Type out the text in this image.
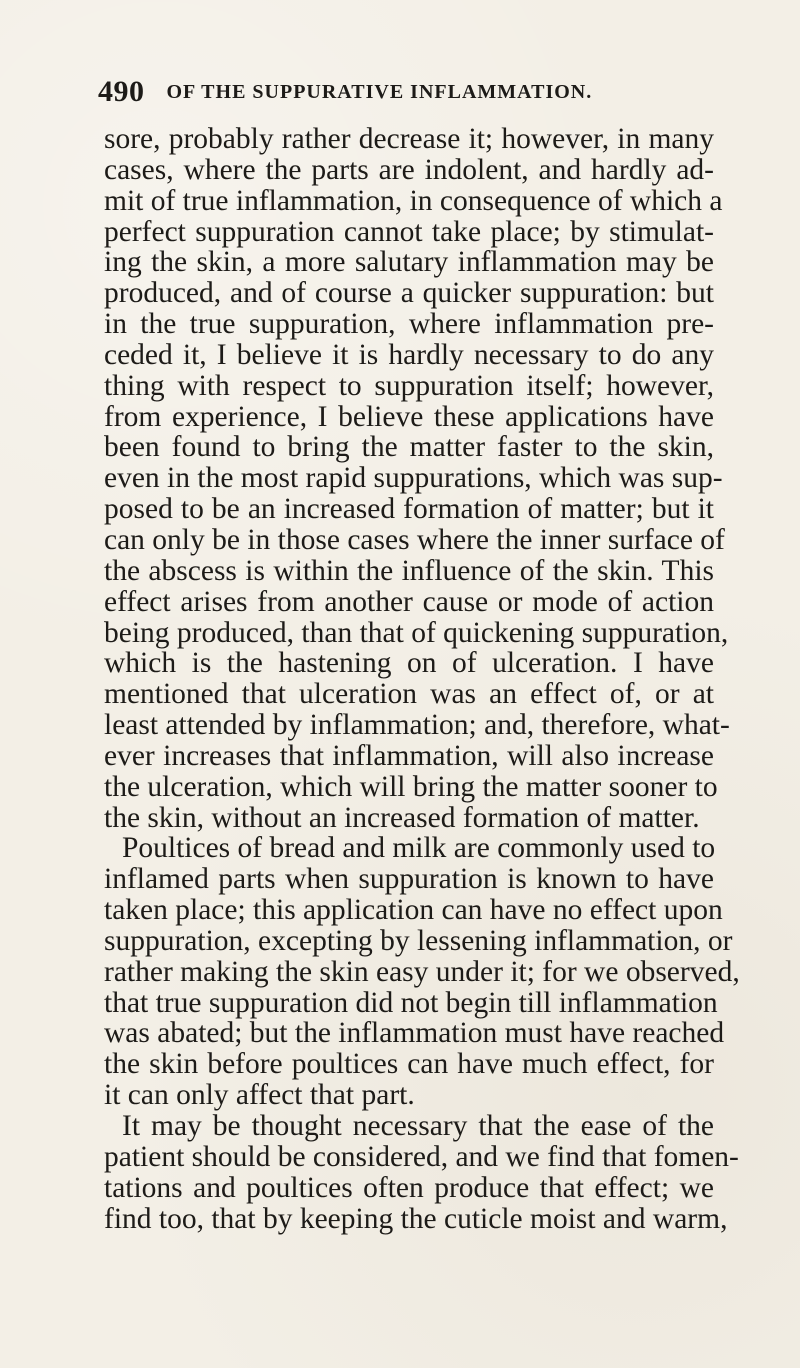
490 OF THE SUPPURATIVE INFLAMMATION.
sore, probably rather decrease it; however, in many
cases, where the parts are indolent, and hardly ad-
mit of true inflammation, in consequence of which a
perfect suppuration cannot take place; by stimulat-
ing the skin, a more salutary inflammation may be
produced, and of course a quicker suppuration: but
in the true suppuration, where inflammation pre-
ceded it, I believe it is hardly necessary to do any
thing with respect to suppuration itself; however,
from experience, I believe these applications have
been found to bring the matter faster to the skin,
even in the most rapid suppurations, which was sup-
posed to be an increased formation of matter; but it
can only be in those cases where the inner surface of
the abscess is within the influence of the skin. This
effect arises from another cause or mode of action
being produced, than that of quickening suppuration,
which is the hastening on of ulceration. I have
mentioned that ulceration was an effect of, or at
least attended by inflammation; and, therefore, what-
ever increases that inflammation, will also increase
the ulceration, which will bring the matter sooner to
the skin, without an increased formation of matter.
Poultices of bread and milk are commonly used to
inflamed parts when suppuration is known to have
taken place; this application can have no effect upon
suppuration, excepting by lessening inflammation, or
rather making the skin easy under it; for we observed,
that true suppuration did not begin till inflammation
was abated; but the inflammation must have reached
the skin before poultices can have much effect, for
it can only affect that part.
It may be thought necessary that the ease of the
patient should be considered, and we find that fomen-
tations and poultices often produce that effect; we
find too, that by keeping the cuticle moist and warm,
